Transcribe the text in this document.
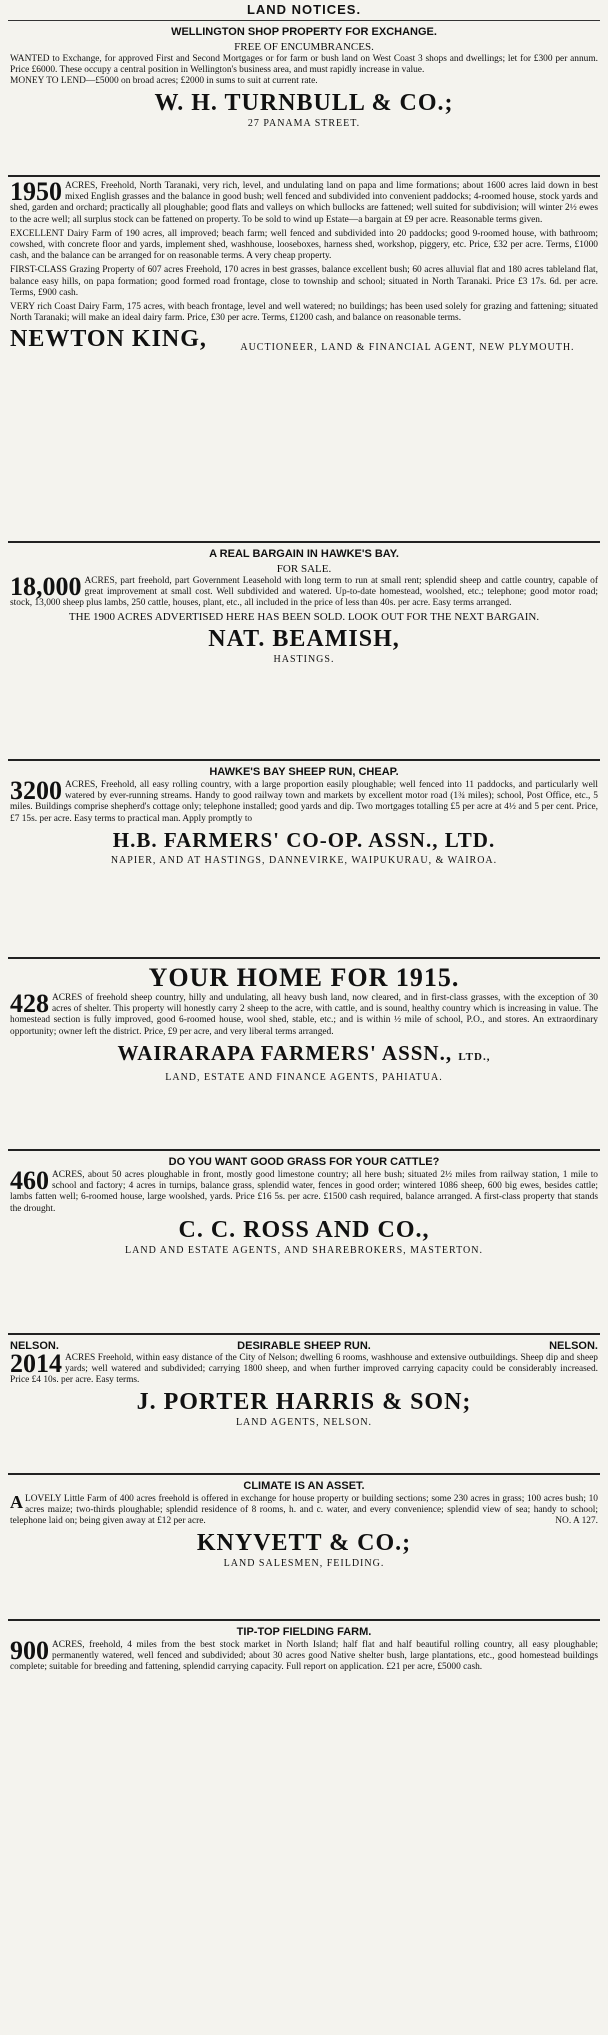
LAND NOTICES.
WELLINGTON SHOP PROPERTY FOR EXCHANGE.
FREE OF ENCUMBRANCES.

WANTED to Exchange, for approved First and Second Mortgages or for farm or bush land on West Coast 3 shops and dwellings; let for £300 per annum. Price £6000. These occupy a central position in Wellington's business area, and must rapidly increase in value.

MONEY TO LEND—£5000 on broad acres; £2000 in sums to suit at current rate.

W. H. TURNBULL & CO.;
27 PANAMA STREET.

1950 ACRES, Freehold, North Taranaki, very rich, level, and undulating land on papa and lime formations; about 1600 acres laid down in best mixed English grasses and the balance in good bush; well fenced and subdivided into convenient paddocks; 4-roomed house, stock yards and shed, garden and orchard; practically all ploughable; good flats and valleys on which bullocks are fattened; well suited for subdivision; will winter 2½ ewes to the acre well; all surplus stock can be fattened on property. To be sold to wind up Estate—a bargain at £9 per acre. Reasonable terms given.

EXCELLENT Dairy Farm of 190 acres, all improved; beach farm; well fenced and subdivided into 20 paddocks; good 9-roomed house, with bathroom; cowshed, with concrete floor and yards, implement shed, washhouse, looseboxes, harness shed, workshop, piggery, etc. Price, £32 per acre. Terms, £1000 cash, and the balance can be arranged for on reasonable terms. A very cheap property.

FIRST-CLASS Grazing Property of 607 acres Freehold, 170 acres in best grasses, balance excellent bush; 60 acres alluvial flat and 180 acres tableland flat, balance easy hills, on papa formation; good formed road frontage, close to township and school; situated in North Taranaki. Price £3 17s. 6d. per acre. Terms, £900 cash.

VERY rich Coast Dairy Farm, 175 acres, with beach frontage, level and well watered; no buildings; has been used solely for grazing and fattening; situated North Taranaki; will make an ideal dairy farm. Price, £30 per acre. Terms, £1200 cash, and balance on reasonable terms.

NEWTON KING,	AUCTIONEER, LAND & FINANCIAL AGENT, NEW PLYMOUTH.
A REAL BARGAIN IN HAWKE'S BAY.
FOR SALE.

18,000 ACRES, part freehold, part Government Leasehold with long term to run at small rent; splendid sheep and cattle country, capable of great improvement at small cost. Well subdivided and watered. Up-to-date homestead, woolshed, etc.; telephone; good motor road; stock, 13,000 sheep plus lambs, 250 cattle, houses, plant, etc., all included in the price of less than 40s. per acre. Easy terms arranged.

THE 1900 ACRES ADVERTISED HERE HAS BEEN SOLD. LOOK OUT FOR THE NEXT BARGAIN.
NAT. BEAMISH,
HASTINGS.
HAWKE'S BAY SHEEP RUN, CHEAP.

3200 ACRES, Freehold, all easy rolling country, with a large proportion easily ploughable; well fenced into 11 paddocks, and particularly well watered by ever-running streams. Handy to good railway town and markets by excellent motor road (1¾ miles); school, Post Office, etc., 5 miles. Buildings comprise shepherd's cottage only; telephone installed; good yards and dip. Two mortgages totalling £5 per acre at 4½ and 5 per cent. Price, £7 15s. per acre. Easy terms to practical man. Apply promptly to

H.B. FARMERS' CO-OP. ASSN., LTD.
NAPIER, AND AT HASTINGS, DANNEVIRKE, WAIPUKURAU, & WAIROA.
YOUR HOME FOR 1915.

428 ACRES of freehold sheep country, hilly and undulating, all heavy bush land, now cleared, and in first-class grasses, with the exception of 30 acres of shelter. This property will honestly carry 2 sheep to the acre, with cattle, and is sound, healthy country which is increasing in value. The homestead section is fully improved, good 6-roomed house, wool shed, stable, etc.; and is within ½ mile of school, P.O., and stores. An extraordinary opportunity; owner left the district. Price, £9 per acre, and very liberal terms arranged.

WAIRARAPA FARMERS' ASSN., LTD.,
LAND, ESTATE AND FINANCE AGENTS, PAHIATUA.
DO YOU WANT GOOD GRASS FOR YOUR CATTLE?

460 ACRES, about 50 acres ploughable in front, mostly good limestone country; all here bush; situated 2½ miles from railway station, 1 mile to school and factory; 4 acres in turnips, balance grass, splendid water, fences in good order; wintered 1086 sheep, 600 big ewes, besides cattle; lambs fatten well; 6-roomed house, large woolshed, yards. Price £16 5s. per acre. £1500 cash required, balance arranged. A first-class property that stands the drought.

C. C. ROSS AND CO.,
LAND AND ESTATE AGENTS, AND SHAREBROKERS, MASTERTON.
NELSON.	DESIRABLE SHEEP RUN.	NELSON.

2014 ACRES Freehold, within easy distance of the City of Nelson; dwelling 6 rooms, washhouse and extensive outbuildings. Sheep dip and sheep yards; well watered and subdivided; carrying 1800 sheep, and when further improved carrying capacity could be considerably increased. Price £4 10s. per acre. Easy terms.

J. PORTER HARRIS & SON;
LAND AGENTS, NELSON.
CLIMATE IS AN ASSET.

A LOVELY Little Farm of 400 acres freehold is offered in exchange for house property or building sections; some 230 acres in grass; 100 acres bush; 10 acres maize; two-thirds ploughable; splendid residence of 8 rooms, h. and c. water, and every convenience; splendid view of sea; handy to school; telephone laid on; being given away at £12 per acre.	NO. A 127.

KNYVETT & CO.;
LAND SALESMEN, FEILDING.
TIP-TOP FIELDING FARM.

900 ACRES, freehold, 4 miles from the best stock market in North Island; half flat and half beautiful rolling country, all easy ploughable; permanently watered, well fenced and subdivided; about 30 acres good Native shelter bush, large plantations, etc., good homestead buildings complete; suitable for breeding and fattening, splendid carrying capacity. Full report on application. £21 per acre, £5000 cash.
